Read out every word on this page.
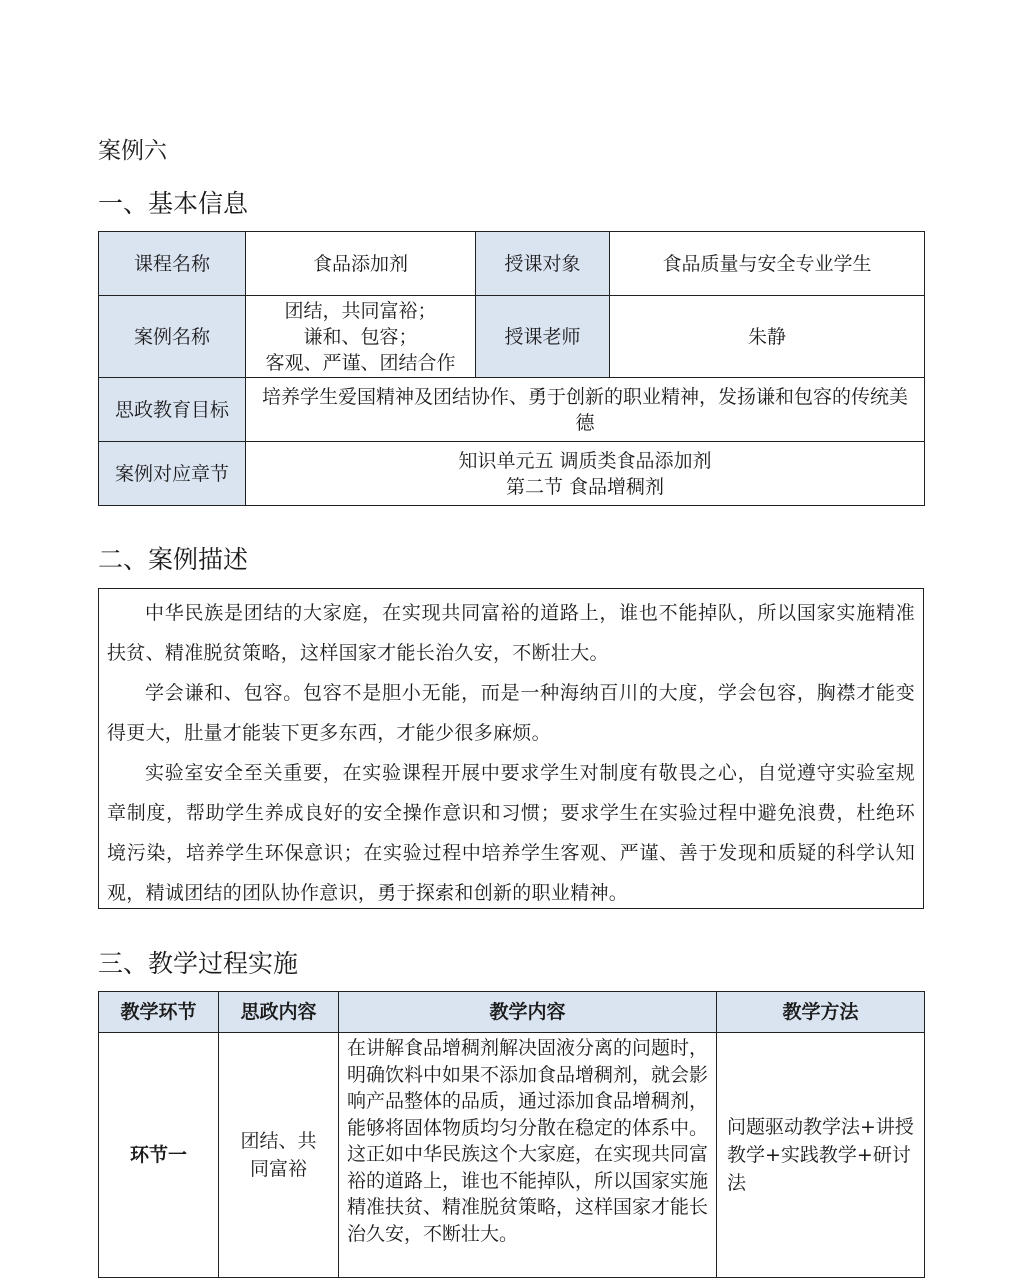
案例六
一、基本信息
课程名称	食品添加剂	授课对象	食品质量与安全专业学生
案例名称	团结，共同富裕；
谦和、包容；
客观、严谨、团结合作	授课老师	朱静
思政教育目标	培养学生爱国精神及团结协作、勇于创新的职业精神，发扬谦和包容的传统美德		
案例对应章节	知识单元五 调质类食品添加剂
第二节 食品增稠剂		
二、案例描述

中华民族是团结的大家庭，在实现共同富裕的道路上，谁也不能掉队，所以国家实施精准扶贫、精准脱贫策略，这样国家才能长治久安，不断壮大。

学会谦和、包容。包容不是胆小无能，而是一种海纳百川的大度，学会包容，胸襟才能变得更大，肚量才能装下更多东西，才能少很多麻烦。

实验室安全至关重要，在实验课程开展中要求学生对制度有敬畏之心，自觉遵守实验室规章制度，帮助学生养成良好的安全操作意识和习惯；要求学生在实验过程中避免浪费，杜绝环境污染，培养学生环保意识；在实验过程中培养学生客观、严谨、善于发现和质疑的科学认知观，精诚团结的团队协作意识，勇于探索和创新的职业精神。

三、教学过程实施
教学环节	思政内容	教学内容	教学方法
环节一	团结、共同富裕	在讲解食品增稠剂解决固液分离的问题时，明确饮料中如果不添加食品增稠剂，就会影响产品整体的品质，通过添加食品增稠剂，能够将固体物质均匀分散在稳定的体系中。这正如中华民族这个大家庭，在实现共同富裕的道路上，谁也不能掉队，所以国家实施精准扶贫、精准脱贫策略，这样国家才能长治久安，不断壮大。	问题驱动教学法+讲授教学+实践教学+研讨法
